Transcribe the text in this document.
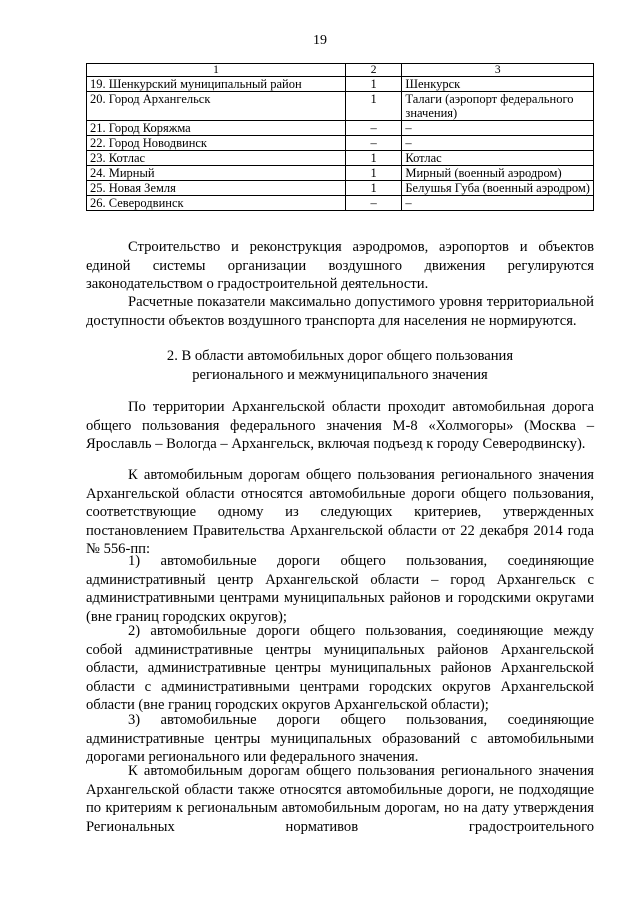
19
1	2	3
19. Шенкурский муниципальный район	1	Шенкурск
20. Город Архангельск	1	Талаги (аэропорт федерального значения)
21. Город Коряжма	–	–
22. Город Новодвинск	–	–
23. Котлас	1	Котлас
24. Мирный	1	Мирный (военный аэродром)
25. Новая Земля	1	Белушья Губа (военный аэродром)
26. Северодвинск	–	–

Строительство и реконструкция аэродромов, аэропортов и объектов единой системы организации воздушного движения регулируются законодательством о градостроительной деятельности.

Расчетные показатели максимально допустимого уровня территориальной доступности объектов воздушного транспорта для населения не нормируются.

2. В области автомобильных дорог общего пользования
регионального и межмуниципального значения

По территории Архангельской области проходит автомобильная дорога общего пользования федерального значения М-8 «Холмогоры» (Москва – Ярославль – Вологда – Архангельск, включая подъезд к городу Северодвинску).

К автомобильным дорогам общего пользования регионального значения Архангельской области относятся автомобильные дороги общего пользования, соответствующие одному из следующих критериев, утвержденных постановлением Правительства Архангельской области от 22 декабря 2014 года № 556-пп:

1) автомобильные дороги общего пользования, соединяющие административный центр Архангельской области – город Архангельск с административными центрами муниципальных районов и городскими округами (вне границ городских округов);

2) автомобильные дороги общего пользования, соединяющие между собой административные центры муниципальных районов Архангельской области, административные центры муниципальных районов Архангельской области с административными центрами городских округов Архангельской области (вне границ городских округов Архангельской области);

3) автомобильные дороги общего пользования, соединяющие административные центры муниципальных образований с автомобильными дорогами регионального или федерального значения.

К автомобильным дорогам общего пользования регионального значения Архангельской области также относятся автомобильные дороги, не подходящие по критериям к региональным автомобильным дорогам, но на дату утверждения Региональных нормативов градостроительного
